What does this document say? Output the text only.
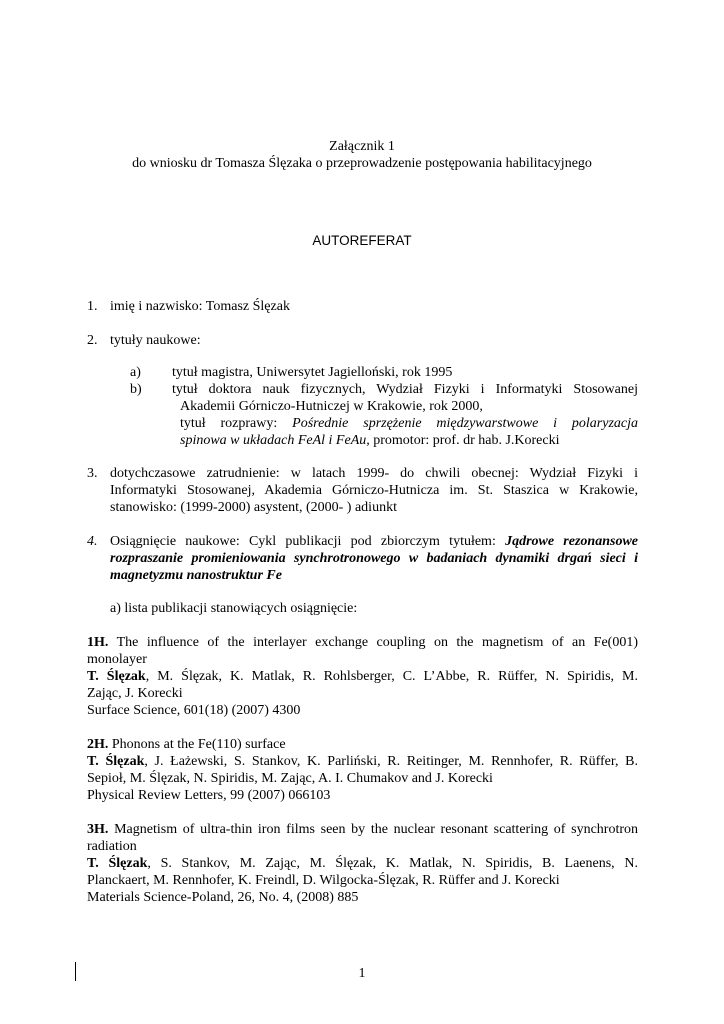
Załącznik 1
do wniosku dr Tomasza Ślęzaka o przeprowadzenie postępowania habilitacyjnego
AUTOREFERAT
1. imię i nazwisko: Tomasz Ślęzak
2. tytuły naukowe:
a) tytuł magistra, Uniwersytet Jagielloński, rok 1995
b) tytuł doktora nauk fizycznych, Wydział Fizyki i Informatyki Stosowanej
Akademii Górniczo-Hutniczej w Krakowie, rok 2000,
tytuł rozprawy: Pośrednie sprzężenie międzywarstwowe i polaryzacja
spinowa w układach FeAl i FeAu, promotor: prof. dr hab. J.Korecki
3. dotychczasowe zatrudnienie: w latach 1999- do chwili obecnej: Wydział Fizyki i
Informatyki Stosowanej, Akademia Górniczo-Hutnicza im. St. Staszica w Krakowie,
stanowisko: (1999-2000) asystent, (2000- ) adiunkt
4. Osiągnięcie naukowe: Cykl publikacji pod zbiorczym tytułem: Jądrowe rezonansowe
rozpraszanie promieniowania synchrotronowego w badaniach dynamiki drgań sieci i
magnetyzmu nanostruktur Fe
a) lista publikacji stanowiących osiągnięcie:
1H. The influence of the interlayer exchange coupling on the magnetism of an Fe(001)
monolayer
T. Ślęzak, M. Ślęzak, K. Matlak, R. Rohlsberger, C. L’Abbe, R. Rüffer, N. Spiridis, M.
Zając, J. Korecki
Surface Science, 601(18) (2007) 4300
2H. Phonons at the Fe(110) surface
T. Ślęzak, J. Łażewski, S. Stankov, K. Parliński, R. Reitinger, M. Rennhofer, R. Rüffer, B.
Sepioł, M. Ślęzak, N. Spiridis, M. Zając, A. I. Chumakov and J. Korecki
Physical Review Letters, 99 (2007) 066103
3H. Magnetism of ultra-thin iron films seen by the nuclear resonant scattering of synchrotron
radiation
T. Ślęzak, S. Stankov, M. Zając, M. Ślęzak, K. Matlak, N. Spiridis, B. Laenens, N.
Planckaert, M. Rennhofer, K. Freindl, D. Wilgocka-Ślęzak, R. Rüffer and J. Korecki
Materials Science-Poland, 26, No. 4, (2008) 885
1
